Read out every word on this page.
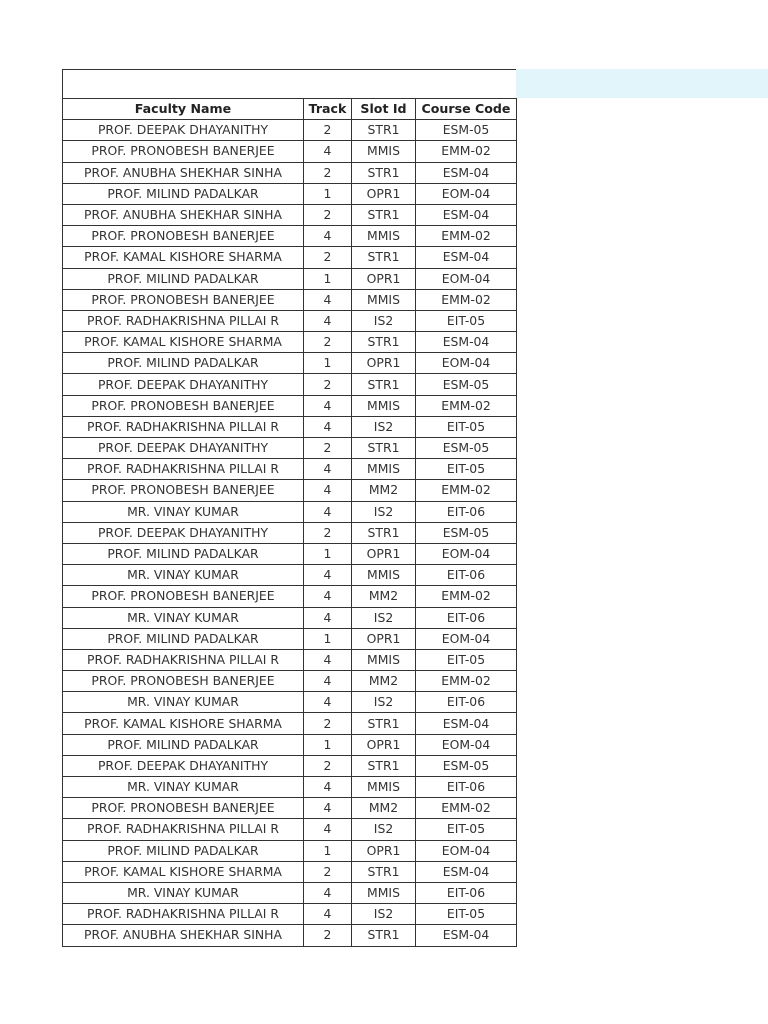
Faculty Name	Track	Slot Id	Course Code
PROF. DEEPAK DHAYANITHY	2	STR1	ESM-05
PROF. PRONOBESH BANERJEE	4	MMIS	EMM-02
PROF. ANUBHA SHEKHAR SINHA	2	STR1	ESM-04
PROF. MILIND PADALKAR	1	OPR1	EOM-04
PROF. ANUBHA SHEKHAR SINHA	2	STR1	ESM-04
PROF. PRONOBESH BANERJEE	4	MMIS	EMM-02
PROF. KAMAL KISHORE SHARMA	2	STR1	ESM-04
PROF. MILIND PADALKAR	1	OPR1	EOM-04
PROF. PRONOBESH BANERJEE	4	MMIS	EMM-02
PROF. RADHAKRISHNA PILLAI R	4	IS2	EIT-05
PROF. KAMAL KISHORE SHARMA	2	STR1	ESM-04
PROF. MILIND PADALKAR	1	OPR1	EOM-04
PROF. DEEPAK DHAYANITHY	2	STR1	ESM-05
PROF. PRONOBESH BANERJEE	4	MMIS	EMM-02
PROF. RADHAKRISHNA PILLAI R	4	IS2	EIT-05
PROF. DEEPAK DHAYANITHY	2	STR1	ESM-05
PROF. RADHAKRISHNA PILLAI R	4	MMIS	EIT-05
PROF. PRONOBESH BANERJEE	4	MM2	EMM-02
MR. VINAY KUMAR	4	IS2	EIT-06
PROF. DEEPAK DHAYANITHY	2	STR1	ESM-05
PROF. MILIND PADALKAR	1	OPR1	EOM-04
MR. VINAY KUMAR	4	MMIS	EIT-06
PROF. PRONOBESH BANERJEE	4	MM2	EMM-02
MR. VINAY KUMAR	4	IS2	EIT-06
PROF. MILIND PADALKAR	1	OPR1	EOM-04
PROF. RADHAKRISHNA PILLAI R	4	MMIS	EIT-05
PROF. PRONOBESH BANERJEE	4	MM2	EMM-02
MR. VINAY KUMAR	4	IS2	EIT-06
PROF. KAMAL KISHORE SHARMA	2	STR1	ESM-04
PROF. MILIND PADALKAR	1	OPR1	EOM-04
PROF. DEEPAK DHAYANITHY	2	STR1	ESM-05
MR. VINAY KUMAR	4	MMIS	EIT-06
PROF. PRONOBESH BANERJEE	4	MM2	EMM-02
PROF. RADHAKRISHNA PILLAI R	4	IS2	EIT-05
PROF. MILIND PADALKAR	1	OPR1	EOM-04
PROF. KAMAL KISHORE SHARMA	2	STR1	ESM-04
MR. VINAY KUMAR	4	MMIS	EIT-06
PROF. RADHAKRISHNA PILLAI R	4	IS2	EIT-05
PROF. ANUBHA SHEKHAR SINHA	2	STR1	ESM-04
